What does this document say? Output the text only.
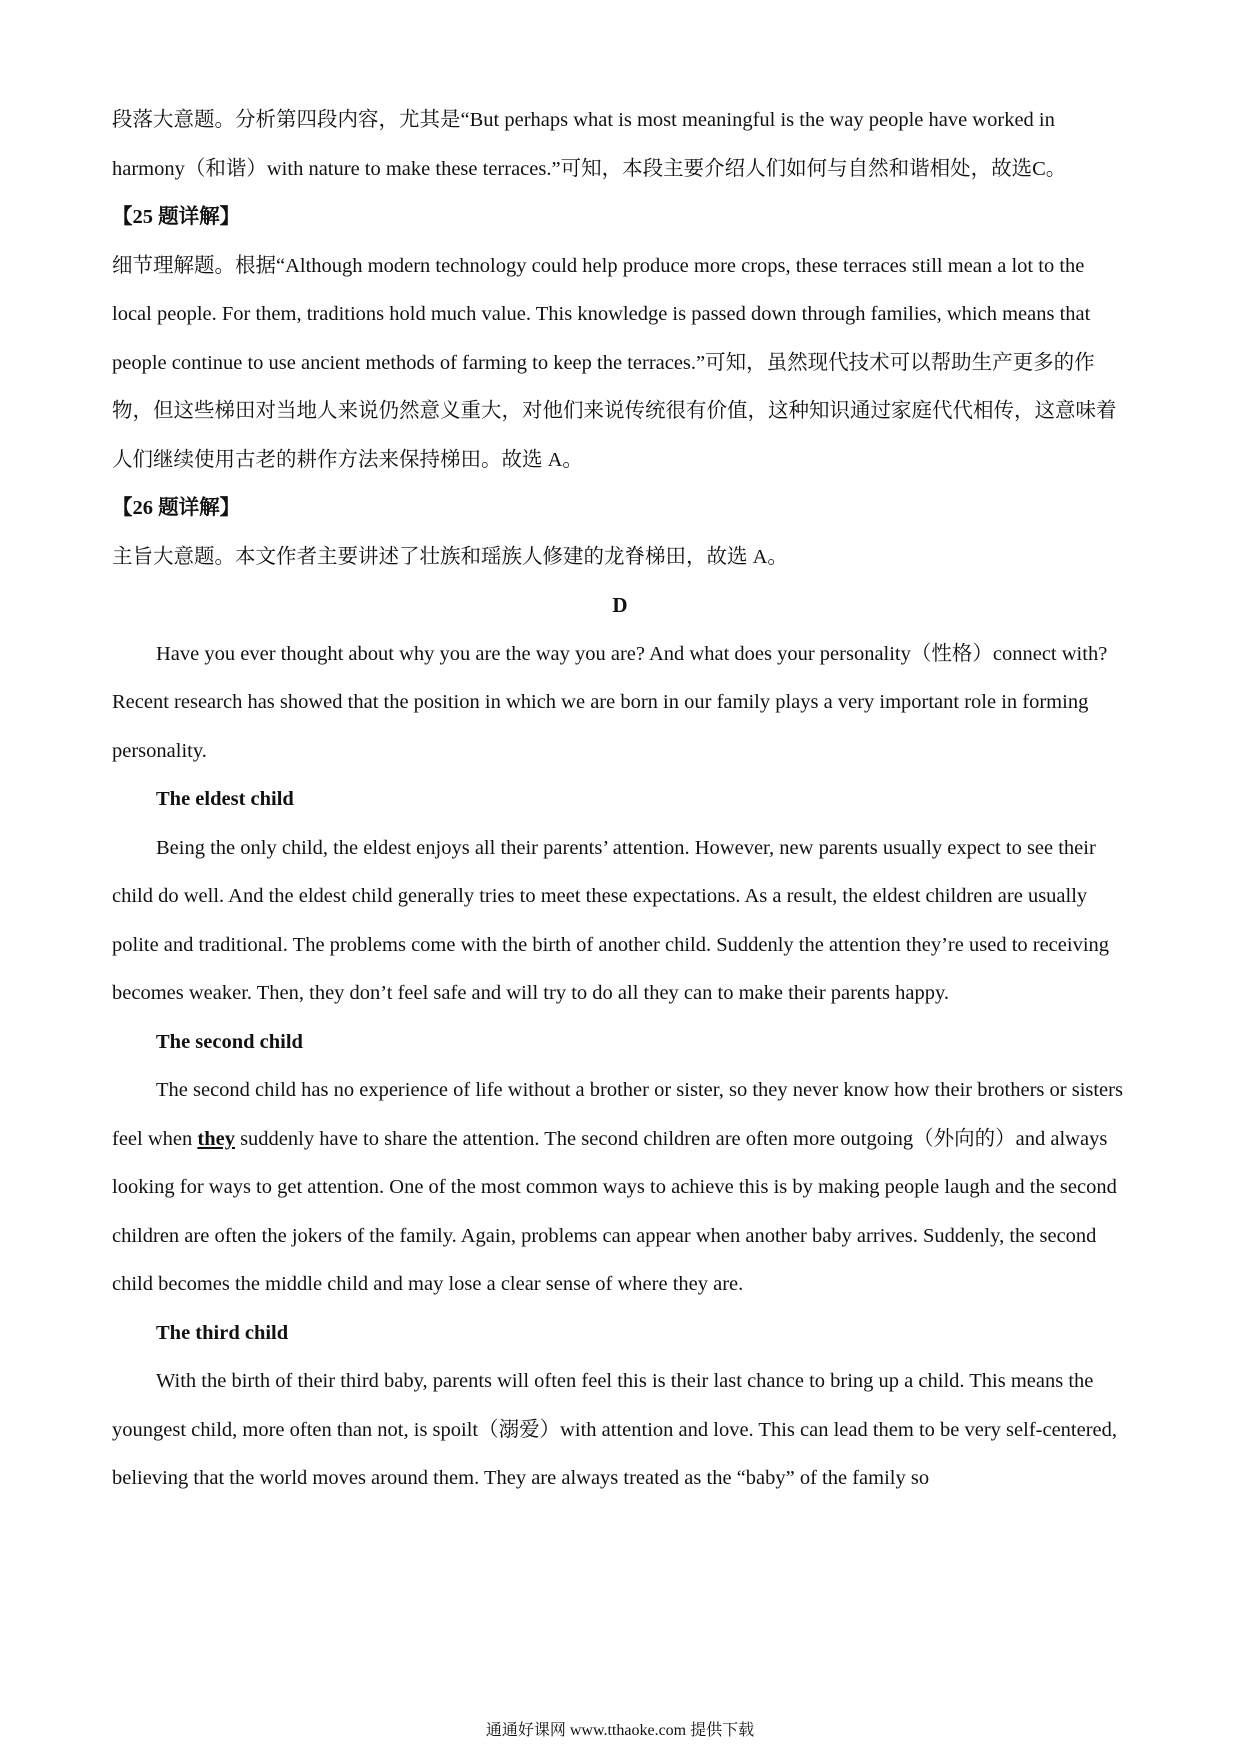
段落大意题。分析第四段内容，尤其是“But perhaps what is most meaningful is the way people have worked in harmony（和谐）with nature to make these terraces.”可知，本段主要介绍人们如何与自然和谐相处，故选C。

【25 题详解】

细节理解题。根据“Although modern technology could help produce more crops, these terraces still mean a lot to the local people. For them, traditions hold much value. This knowledge is passed down through families, which means that people continue to use ancient methods of farming to keep the terraces.”可知，虽然现代技术可以帮助生产更多的作物，但这些梯田对当地人来说仍然意义重大，对他们来说传统很有价值，这种知识通过家庭代代相传，这意味着人们继续使用古老的耕作方法来保持梯田。故选 A。

【26 题详解】

主旨大意题。本文作者主要讲述了壮族和瑶族人修建的龙脊梯田，故选 A。

D

Have you ever thought about why you are the way you are? And what does your personality（性格）connect with? Recent research has showed that the position in which we are born in our family plays a very important role in forming personality.

The eldest child

Being the only child, the eldest enjoys all their parents’ attention. However, new parents usually expect to see their child do well. And the eldest child generally tries to meet these expectations. As a result, the eldest children are usually polite and traditional. The problems come with the birth of another child. Suddenly the attention they’re used to receiving becomes weaker. Then, they don’t feel safe and will try to do all they can to make their parents happy.

The second child

The second child has no experience of life without a brother or sister, so they never know how their brothers or sisters feel when they suddenly have to share the attention. The second children are often more outgoing（外向的）and always looking for ways to get attention. One of the most common ways to achieve this is by making people laugh and the second children are often the jokers of the family. Again, problems can appear when another baby arrives. Suddenly, the second child becomes the middle child and may lose a clear sense of where they are.

The third child

With the birth of their third baby, parents will often feel this is their last chance to bring up a child. This means the youngest child, more often than not, is spoilt（溺爱）with attention and love. This can lead them to be very self-centered, believing that the world moves around them. They are always treated as the “baby” of the family so

通通好课网 www.tthaoke.com 提供下载
